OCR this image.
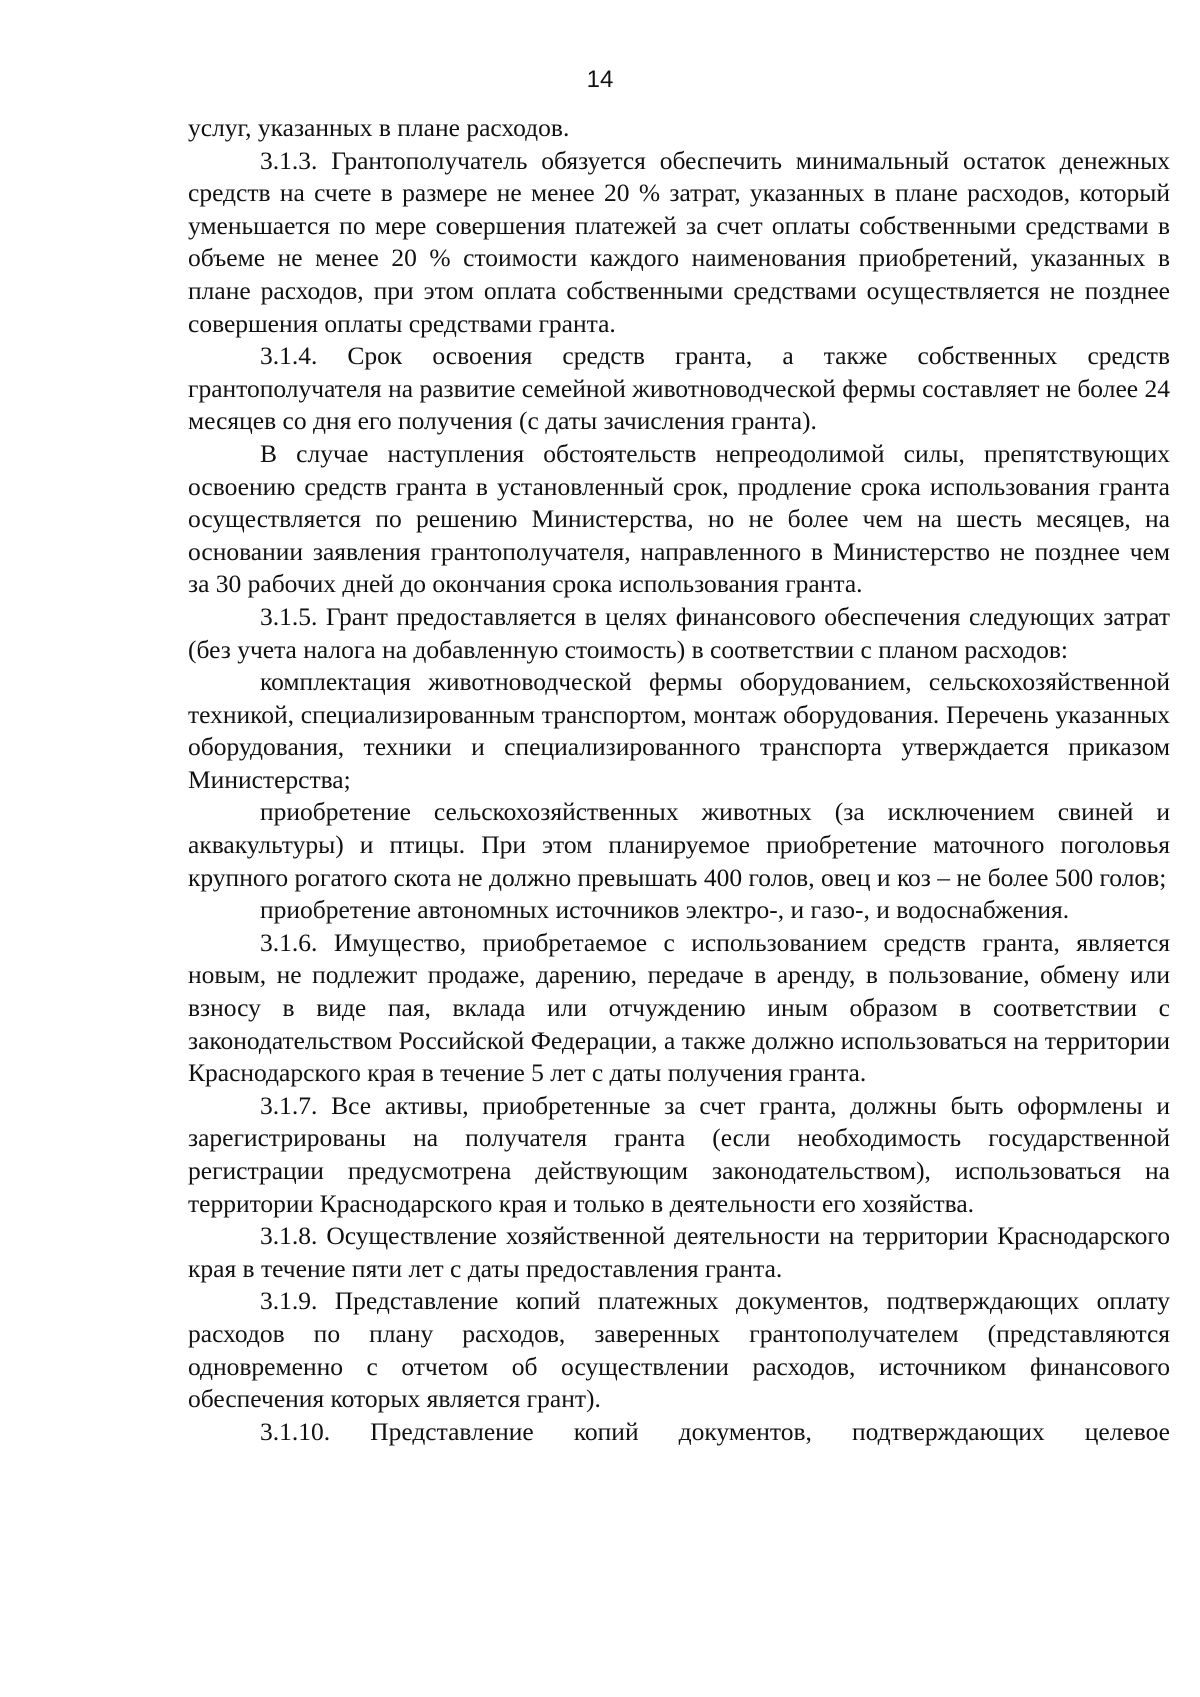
14

услуг, указанных в плане расходов.

3.1.3. Грантополучатель обязуется обеспечить минимальный остаток денежных средств на счете в размере не менее 20 % затрат, указанных в плане расходов, который уменьшается по мере совершения платежей за счет оплаты собственными средствами в объеме не менее 20 % стоимости каждого наименования приобретений, указанных в плане расходов, при этом оплата собственными средствами осуществляется не позднее совершения оплаты средствами гранта.

3.1.4. Срок освоения средств гранта, а также собственных средств грантополучателя на развитие семейной животноводческой фермы составляет не более 24 месяцев со дня его получения (с даты зачисления гранта).

В случае наступления обстоятельств непреодолимой силы, препятствующих освоению средств гранта в установленный срок, продление срока использования гранта осуществляется по решению Министерства, но не более чем на шесть месяцев, на основании заявления грантополучателя, направленного в Министерство не позднее чем за 30 рабочих дней до окончания срока использования гранта.

3.1.5. Грант предоставляется в целях финансового обеспечения следующих затрат (без учета налога на добавленную стоимость) в соответствии с планом расходов:

комплектация животноводческой фермы оборудованием, сельскохозяйственной техникой, специализированным транспортом, монтаж оборудования. Перечень указанных оборудования, техники и специализированного транспорта утверждается приказом Министерства;

приобретение сельскохозяйственных животных (за исключением свиней и аквакультуры) и птицы. При этом планируемое приобретение маточного поголовья крупного рогатого скота не должно превышать 400 голов, овец и коз – не более 500 голов;

приобретение автономных источников электро-, и газо-, и водоснабжения.

3.1.6. Имущество, приобретаемое с использованием средств гранта, является новым, не подлежит продаже, дарению, передаче в аренду, в пользование, обмену или взносу в виде пая, вклада или отчуждению иным образом в соответствии с законодательством Российской Федерации, а также должно использоваться на территории Краснодарского края в течение 5 лет с даты получения гранта.

3.1.7. Все активы, приобретенные за счет гранта, должны быть оформлены и зарегистрированы на получателя гранта (если необходимость государственной регистрации предусмотрена действующим законодательством), использоваться на территории Краснодарского края и только в деятельности его хозяйства.

3.1.8. Осуществление хозяйственной деятельности на территории Краснодарского края в течение пяти лет с даты предоставления гранта.

3.1.9. Представление копий платежных документов, подтверждающих оплату расходов по плану расходов, заверенных грантополучателем (представляются одновременно с отчетом об осуществлении расходов, источником финансового обеспечения которых является грант).

3.1.10. Представление копий документов, подтверждающих целевое
